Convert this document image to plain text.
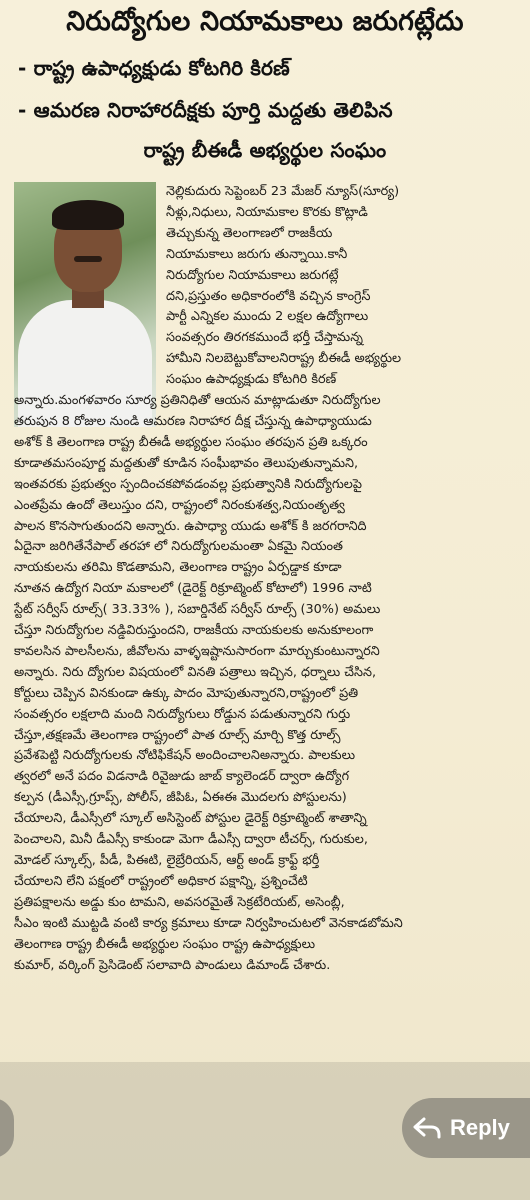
నిరుద్యోగుల నియామకాలు జరుగట్లేదు
- రాష్ట్ర ఉపాధ్యక్షుడు కోటగిరి కిరణ్
- ఆమరణ నిరాహారదీక్షకు పూర్తి మద్దతు తెలిపిన
రాష్ట్ర బీఈడీ అభ్యర్థుల సంఘం
నెల్లికుదురు సెప్టెంబర్ 23 మేజర్ న్యూస్(సూర్య)
నీళ్లు,నిధులు, నియామకాల కొరకు కొట్లాడి
తెచ్చుకున్న తెలంగాణలో రాజకీయ
నియామకాలు జరుగు తున్నాయి.కానీ
నిరుద్యోగుల నియామకాలు జరుగట్లే
దని,ప్రస్తుతం అధికారంలోకి వచ్చిన కాంగ్రెస్
పార్టీ ఎన్నికల ముందు 2 లక్షల ఉద్యోగాలు
సంవత్సరం తిరగకముందే భర్తీ చేస్తామన్న
హామీని నిలబెట్టుకోవాలనిరాష్ట్ర బీఈడీ అభ్యర్థుల
సంఘం ఉపాధ్యక్షుడు కోటగిరి కిరణ్
అన్నారు.మంగళవారం సూర్య ప్రతినిధితో ఆయన మాట్లాడుతూ నిరుద్యోగుల
తరుపున 8 రోజుల నుండి ఆమరణ నిరాహార దీక్ష చేస్తున్న ఉపాధ్యాయుడు
అశోక్ కి తెలంగాణ రాష్ట్ర బీఈడీ అభ్యర్థుల సంఘం తరపున ప్రతి ఒక్కరం
కూడాతమసంపూర్ణ మద్దతుతో కూడిన సంఘీభావం తెలుపుతున్నామని,
ఇంతవరకు ప్రభుత్వం స్పందించకపోవడంవల్ల ప్రభుత్వానికి నిరుద్యోగులపై
ఎంతప్రేమ ఉందో తెలుస్తుం దని, రాష్ట్రంలో నిరంకుశత్వ,నియంతృత్వ
పాలన కొనసాగుతుందని అన్నారు. ఉపాధ్యా యుడు అశోక్ కి జరగరానిది
ఏదైనా జరిగితేనేపాల్ తరహా లో నిరుద్యోగులమంతా ఏకమై నియంత
నాయకులను తరిమి కొడతామని, తెలంగాణ రాష్ట్రం ఏర్పడ్డాక కూడా
నూతన ఉద్యోగ నియా మకాలలో (డైరెక్ట్ రిక్రూట్మెంట్ కోటాలో) 1996 నాటి
స్టేట్ సర్వీస్ రూల్స్( 33.33% ), సబార్డినేట్ సర్వీస్ రూల్స్ (30%) అమలు
చేస్తూ నిరుద్యోగుల నడ్డివిరుస్తుందని, రాజకీయ నాయకులకు అనుకూలంగా
కావలసిన పాలసీలను, జీవోలను వాళ్ళఇష్టానుసారంగా మార్చుకుంటున్నారని
అన్నారు. నిరు ద్యోగుల విషయంలో వినతి పత్రాలు ఇచ్చిన, ధర్నాలు చేసిన,
కోర్టులు చెప్పిన వినకుండా ఉక్కు పాదం మోపుతున్నారని,రాష్ట్రంలో ప్రతి
సంవత్సరం లక్షలాది మంది నిరుద్యోగులు రోడ్డున పడుతున్నారని గుర్తు
చేస్తూ,తక్షణమే తెలంగాణ రాష్ట్రంలో పాత రూల్స్ మార్చి కొత్త రూల్స్
ప్రవేశపెట్టి నిరుద్యోగులకు నోటిఫికేషన్ అందించాలనిఅన్నారు. పాలకులు
త్వరలో అనే పదం విడనాడి రివైజుడు జాబ్ క్యాలెండర్ ద్వారా ఉద్యోగ
కల్పన (డీఎస్సీ,గ్రూప్స్, పోలీస్, జీపిఓ, ఏఈఈ మొదలగు పోస్టులను)
చేయాలని, డీఎస్సీలో స్కూల్ అసిస్టెంట్ పోస్టుల డైరెక్ట్ రిక్రూట్మెంట్ శాతాన్ని
పెంచాలని, మినీ డీఎస్సీ కాకుండా మెగా డీఎస్సీ ద్వారా టీచర్స్, గురుకుల,
మోడల్ స్కూల్స్, పీడీ, పిఈటి, లైబ్రేరియన్, ఆర్ట్ అండ్ క్రాఫ్ట్ భర్తీ
చేయాలని లేని పక్షంలో రాష్ట్రంలో అధికార పక్షాన్ని, ప్రశ్నించేటి
ప్రతిపక్షాలను అడ్డు కుం టామని, అవసరమైతే సెక్రటేరియట్, అసెంబ్లీ,
సీఎం ఇంటి ముట్టడి వంటి కార్య క్రమాలు కూడా నిర్వహించుటలో వెనకాడబోమని
తెలంగాణ రాష్ట్ర బీఈడీ అభ్యర్థుల సంఘం రాష్ట్ర ఉపాధ్యక్షులు
కుమార్, వర్కింగ్ ప్రెసిడెంట్ సలావాది పాండులు డిమాండ్ చేశారు.
Reply
